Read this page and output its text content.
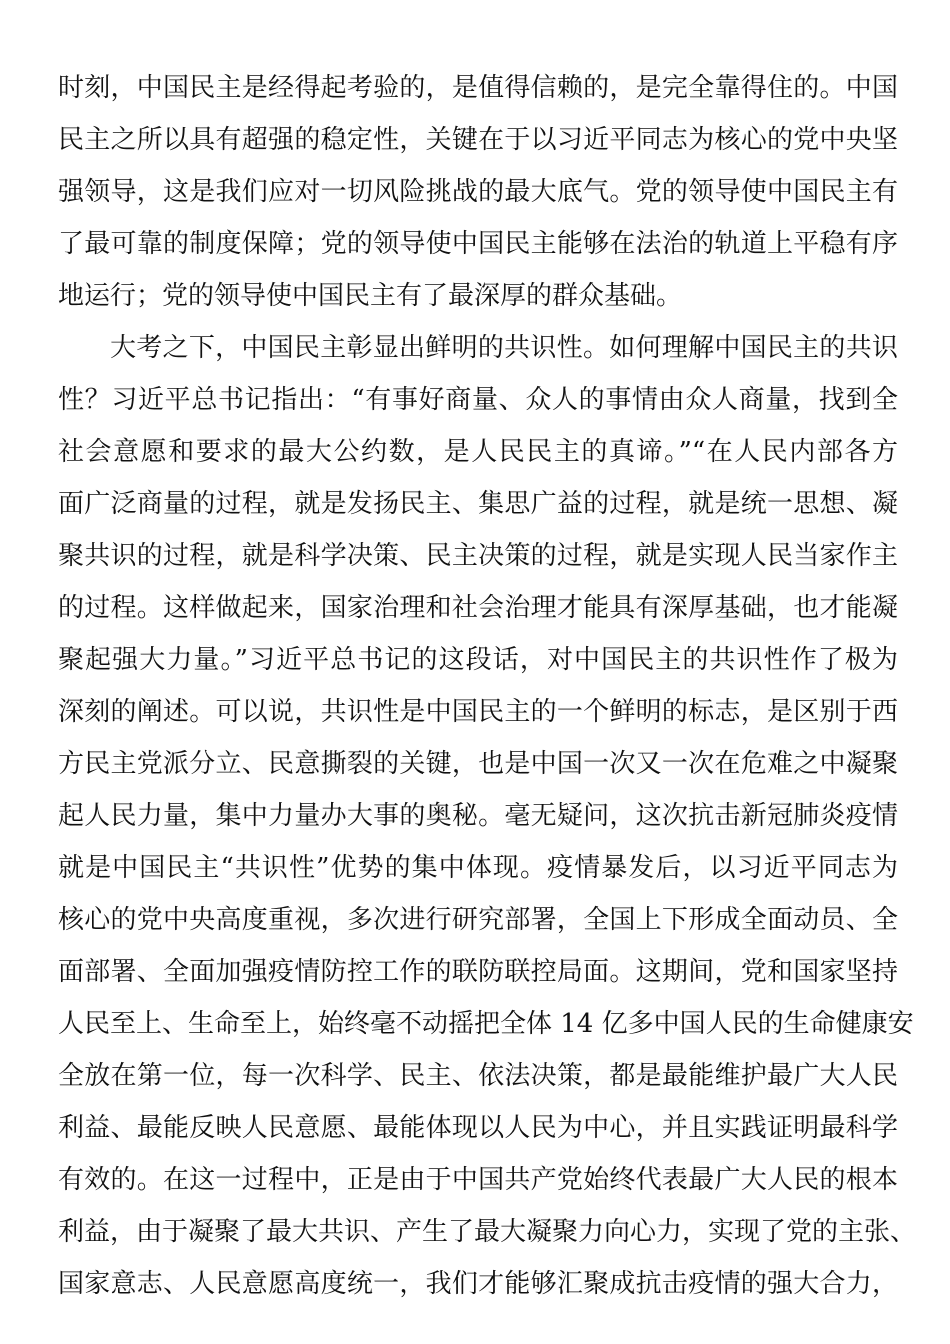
时刻，中国民主是经得起考验的，是值得信赖的，是完全靠得住的。中国
民主之所以具有超强的稳定性，关键在于以习近平同志为核心的党中央坚
强领导，这是我们应对一切风险挑战的最大底气。党的领导使中国民主有
了最可靠的制度保障；党的领导使中国民主能够在法治的轨道上平稳有序
地运行；党的领导使中国民主有了最深厚的群众基础。
大考之下，中国民主彰显出鲜明的共识性。如何理解中国民主的共识
性？习近平总书记指出：“有事好商量、众人的事情由众人商量，找到全
社会意愿和要求的最大公约数，是人民民主的真谛。”“在人民内部各方
面广泛商量的过程，就是发扬民主、集思广益的过程，就是统一思想、凝
聚共识的过程，就是科学决策、民主决策的过程，就是实现人民当家作主
的过程。这样做起来，国家治理和社会治理才能具有深厚基础，也才能凝
聚起强大力量。”习近平总书记的这段话，对中国民主的共识性作了极为
深刻的阐述。可以说，共识性是中国民主的一个鲜明的标志，是区别于西
方民主党派分立、民意撕裂的关键，也是中国一次又一次在危难之中凝聚
起人民力量，集中力量办大事的奥秘。毫无疑问，这次抗击新冠肺炎疫情
就是中国民主“共识性”优势的集中体现。疫情暴发后，以习近平同志为
核心的党中央高度重视，多次进行研究部署，全国上下形成全面动员、全
面部署、全面加强疫情防控工作的联防联控局面。这期间，党和国家坚持
人民至上、生命至上，始终毫不动摇把全体 14 亿多中国人民的生命健康安
全放在第一位，每一次科学、民主、依法决策，都是最能维护最广大人民
利益、最能反映人民意愿、最能体现以人民为中心，并且实践证明最科学
有效的。在这一过程中，正是由于中国共产党始终代表最广大人民的根本
利益，由于凝聚了最大共识、产生了最大凝聚力向心力，实现了党的主张、
国家意志、人民意愿高度统一，我们才能够汇聚成抗击疫情的强大合力，
